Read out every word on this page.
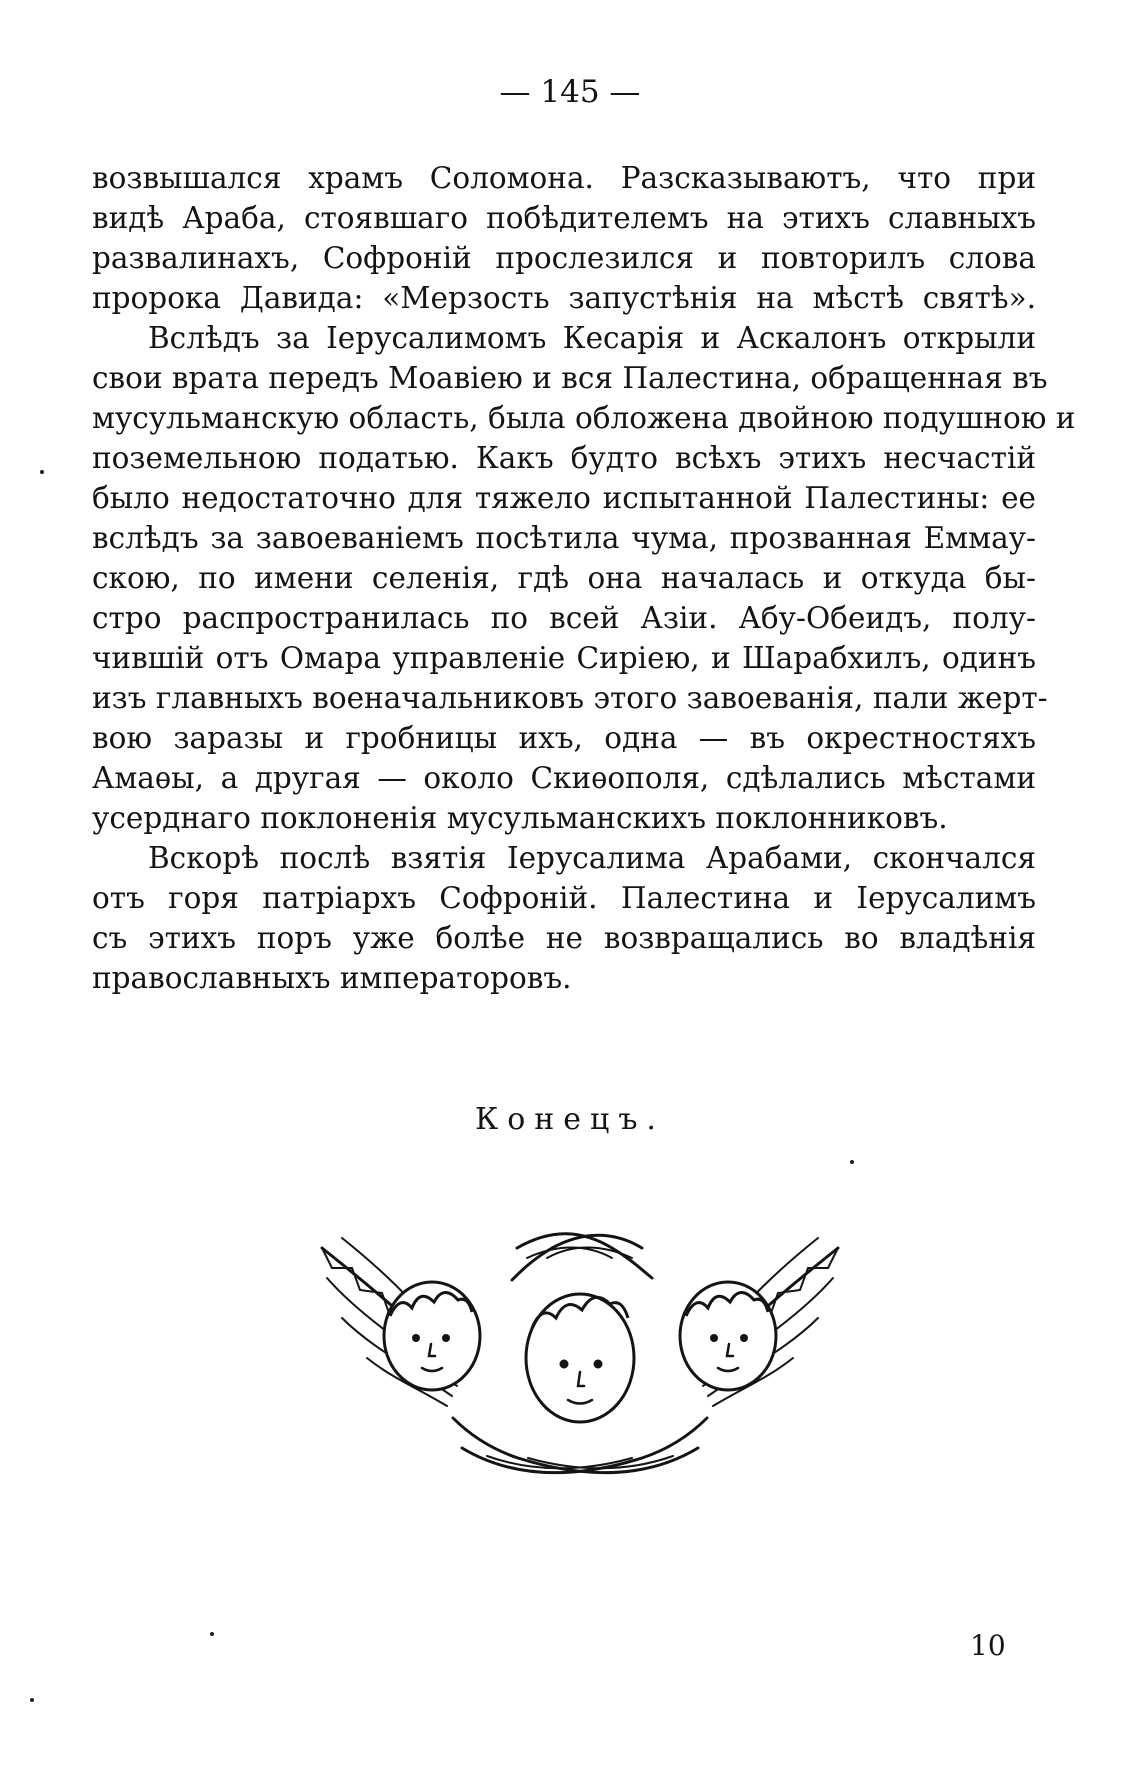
— 145 —
возвышался храмъ Соломона. Разсказываютъ, что при
видѣ Араба, стоявшаго побѣдителемъ на этихъ славныхъ
развалинахъ, Софроній прослезился и повторилъ слова
пророка Давида: «Мерзость запустѣнія на мѣстѣ святѣ».
Вслѣдъ за Іерусалимомъ Кесарія и Аскалонъ открыли
свои врата передъ Моавіею и вся Палестина, обращенная въ
мусульманскую область, была обложена двойною подушною и
поземельною податью. Какъ будто всѣхъ этихъ несчастій
было недостаточно для тяжело испытанной Палестины: ее
вслѣдъ за завоеваніемъ посѣтила чума, прозванная Еммау-
скою, по имени селенія, гдѣ она началась и откуда бы-
стро распространилась по всей Азіи. Абу-Обеидъ, полу-
чившій отъ Омара управленіе Сиріею, и Шарабхилъ, одинъ
изъ главныхъ военачальниковъ этого завоеванія, пали жерт-
вою заразы и гробницы ихъ, одна — въ окрестностяхъ
Амаѳы, а другая — около Скиѳополя, сдѣлались мѣстами
усерднаго поклоненія мусульманскихъ поклонниковъ.
Вскорѣ послѣ взятія Іерусалима Арабами, скончался
отъ горя патріархъ Софроній. Палестина и Іерусалимъ
съ этихъ поръ уже болѣе не возвращались во владѣнія
православныхъ императоровъ.
Конецъ.
10
